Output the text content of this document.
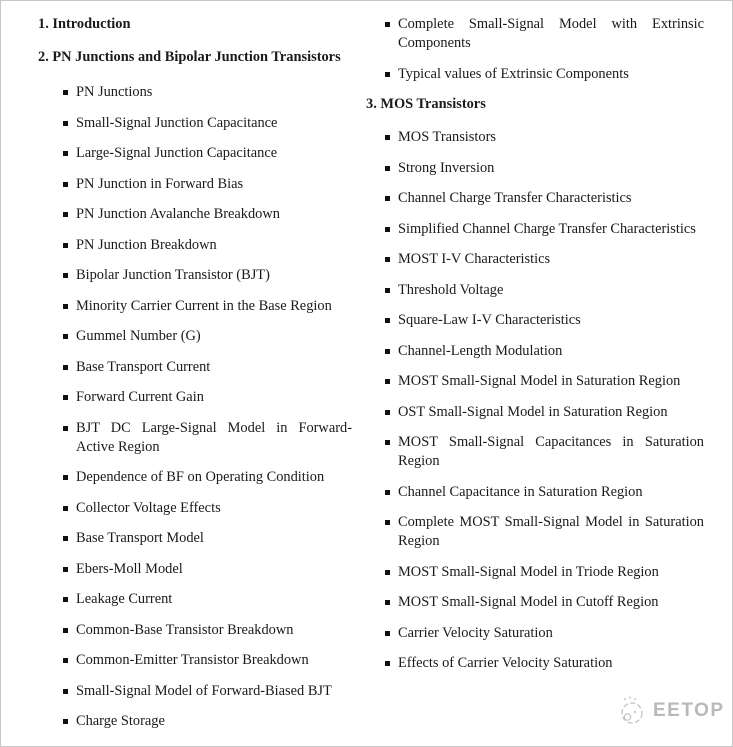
1. Introduction
2. PN Junctions and Bipolar Junction Transistors
PN Junctions
Small-Signal Junction Capacitance
Large-Signal Junction Capacitance
PN Junction in Forward Bias
PN Junction Avalanche Breakdown
PN Junction Breakdown
Bipolar Junction Transistor (BJT)
Minority Carrier Current in the Base Region
Gummel Number (G)
Base Transport Current
Forward Current Gain
BJT DC Large-Signal Model in Forward-Active Region
Dependence of BF on Operating Condition
Collector Voltage Effects
Base Transport Model
Ebers-Moll Model
Leakage Current
Common-Base Transistor Breakdown
Common-Emitter Transistor Breakdown
Small-Signal Model of Forward-Biased BJT
Charge Storage
Complete Small-Signal Model with Extrinsic Components
Typical values of Extrinsic Components
3. MOS Transistors
MOS Transistors
Strong Inversion
Channel Charge Transfer Characteristics
Simplified Channel Charge Transfer Characteristics
MOST I-V Characteristics
Threshold Voltage
Square-Law I-V Characteristics
Channel-Length Modulation
MOST Small-Signal Model in Saturation Region
OST Small-Signal Model in Saturation Region
MOST Small-Signal Capacitances in Saturation Region
Channel Capacitance in Saturation Region
Complete MOST Small-Signal Model in Saturation Region
MOST Small-Signal Model in Triode Region
MOST Small-Signal Model in Cutoff Region
Carrier Velocity Saturation
Effects of Carrier Velocity Saturation
EETOP
